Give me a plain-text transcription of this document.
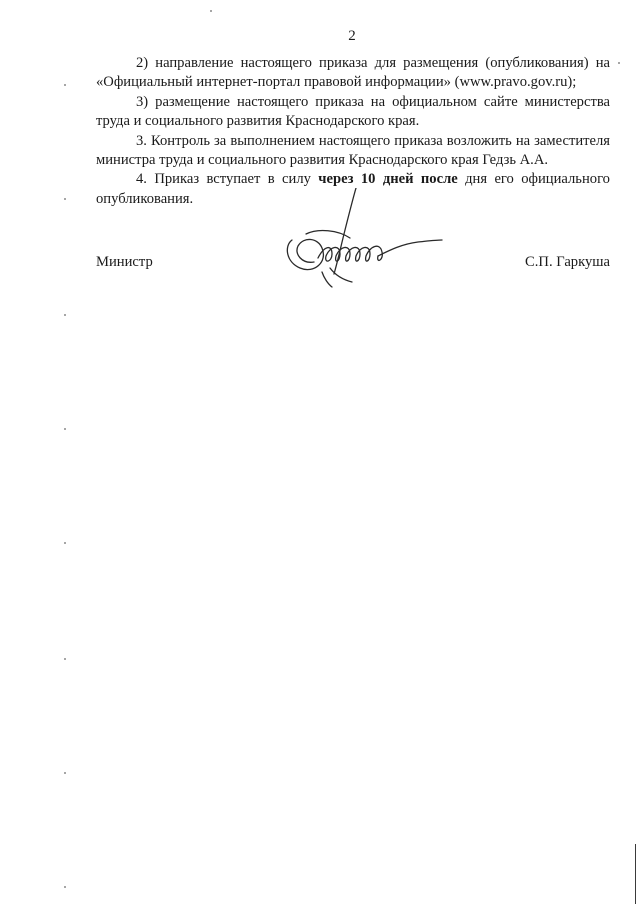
2

2) направление настоящего приказа для размещения (опубликования) на «Официальный интернет-портал правовой информации» (www.pravo.gov.ru);

3) размещение настоящего приказа на официальном сайте министерства труда и социального развития Краснодарского края.

3. Контроль за выполнением настоящего приказа возложить на заместителя министра труда и социального развития Краснодарского края Гедзь А.А.

4. Приказ вступает в силу через 10 дней после дня его официального опубликования.

Министр	С.П. Гаркуша
